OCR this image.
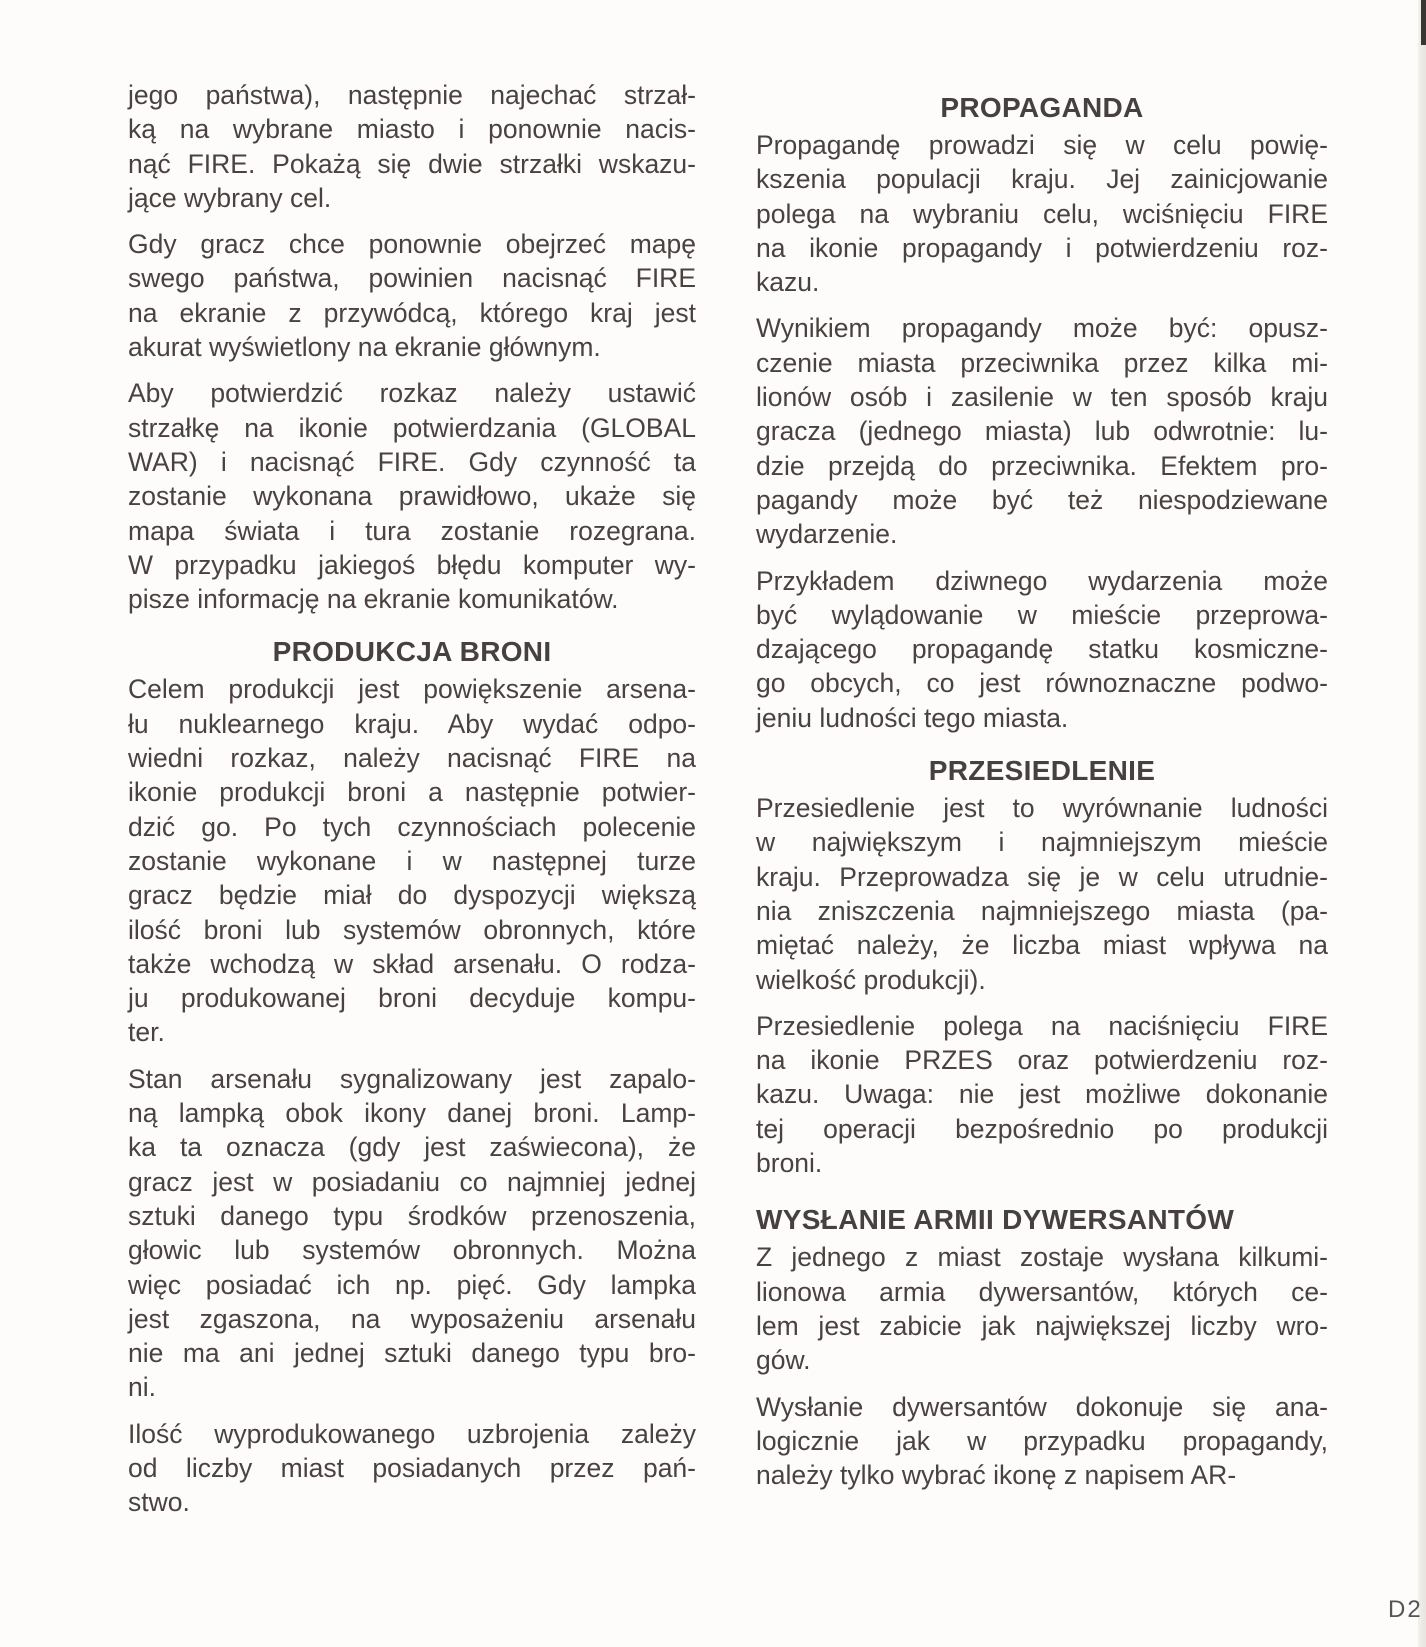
jego państwa), następnie najechać strzał-
ką na wybrane miasto i ponownie nacis-
nąć FIRE. Pokażą się dwie strzałki wskazu-
jące wybrany cel.
Gdy gracz chce ponownie obejrzeć mapę
swego państwa, powinien nacisnąć FIRE
na ekranie z przywódcą, którego kraj jest
akurat wyświetlony na ekranie głównym.
Aby potwierdzić rozkaz należy ustawić
strzałkę na ikonie potwierdzania (GLOBAL
WAR) i nacisnąć FIRE. Gdy czynność ta
zostanie wykonana prawidłowo, ukaże się
mapa świata i tura zostanie rozegrana.
W przypadku jakiegoś błędu komputer wy-
pisze informację na ekranie komunikatów.
PRODUKCJA BRONI
Celem produkcji jest powiększenie arsena-
łu nuklearnego kraju. Aby wydać odpo-
wiedni rozkaz, należy nacisnąć FIRE na
ikonie produkcji broni a następnie potwier-
dzić go. Po tych czynnościach polecenie
zostanie wykonane i w następnej turze
gracz będzie miał do dyspozycji większą
ilość broni lub systemów obronnych, które
także wchodzą w skład arsenału. O rodza-
ju produkowanej broni decyduje kompu-
ter.
Stan arsenału sygnalizowany jest zapalo-
ną lampką obok ikony danej broni. Lamp-
ka ta oznacza (gdy jest zaświecona), że
gracz jest w posiadaniu co najmniej jednej
sztuki danego typu środków przenoszenia,
głowic lub systemów obronnych. Można
więc posiadać ich np. pięć. Gdy lampka
jest zgaszona, na wyposażeniu arsenału
nie ma ani jednej sztuki danego typu bro-
ni.
Ilość wyprodukowanego uzbrojenia zależy
od liczby miast posiadanych przez pań-
stwo.
PROPAGANDA
Propagandę prowadzi się w celu powię-
kszenia populacji kraju. Jej zainicjowanie
polega na wybraniu celu, wciśnięciu FIRE
na ikonie propagandy i potwierdzeniu roz-
kazu.
Wynikiem propagandy może być: opusz-
czenie miasta przeciwnika przez kilka mi-
lionów osób i zasilenie w ten sposób kraju
gracza (jednego miasta) lub odwrotnie: lu-
dzie przejdą do przeciwnika. Efektem pro-
pagandy może być też niespodziewane
wydarzenie.
Przykładem dziwnego wydarzenia może
być wylądowanie w mieście przeprowa-
dzającego propagandę statku kosmiczne-
go obcych, co jest równoznaczne podwo-
jeniu ludności tego miasta.
PRZESIEDLENIE
Przesiedlenie jest to wyrównanie ludności
w największym i najmniejszym mieście
kraju. Przeprowadza się je w celu utrudnie-
nia zniszczenia najmniejszego miasta (pa-
miętać należy, że liczba miast wpływa na
wielkość produkcji).
Przesiedlenie polega na naciśnięciu FIRE
na ikonie PRZES oraz potwierdzeniu roz-
kazu. Uwaga: nie jest możliwe dokonanie
tej operacji bezpośrednio po produkcji
broni.
WYSŁANIE ARMII DYWERSANTÓW
Z jednego z miast zostaje wysłana kilkumi-
lionowa armia dywersantów, których ce-
lem jest zabicie jak największej liczby wro-
gów.
Wysłanie dywersantów dokonuje się ana-
logicznie jak w przypadku propagandy,
należy tylko wybrać ikonę z napisem AR-
D2
